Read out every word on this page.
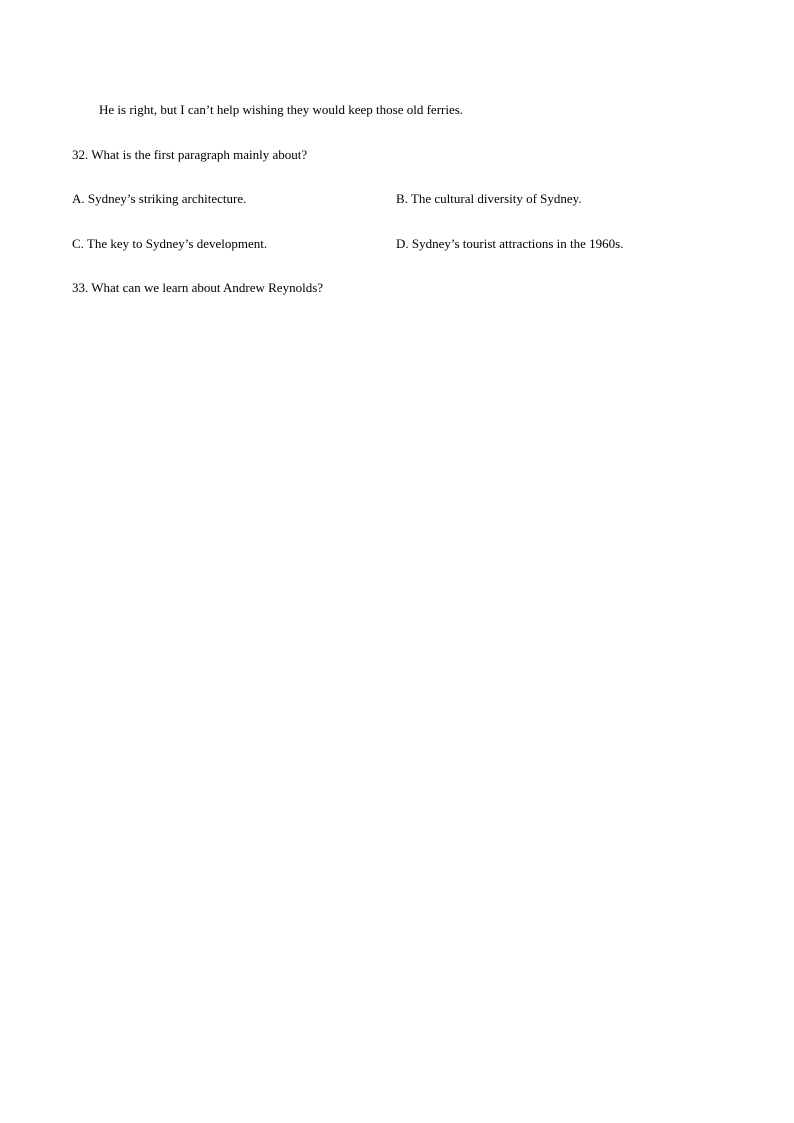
He is right, but I can’t help wishing they would keep those old ferries.
32. What is the first paragraph mainly about?
A. Sydney’s striking architecture.	B. The cultural diversity of Sydney.
C. The key to Sydney’s development.	D. Sydney’s tourist attractions in the 1960s.
33. What can we learn about Andrew Reynolds?
